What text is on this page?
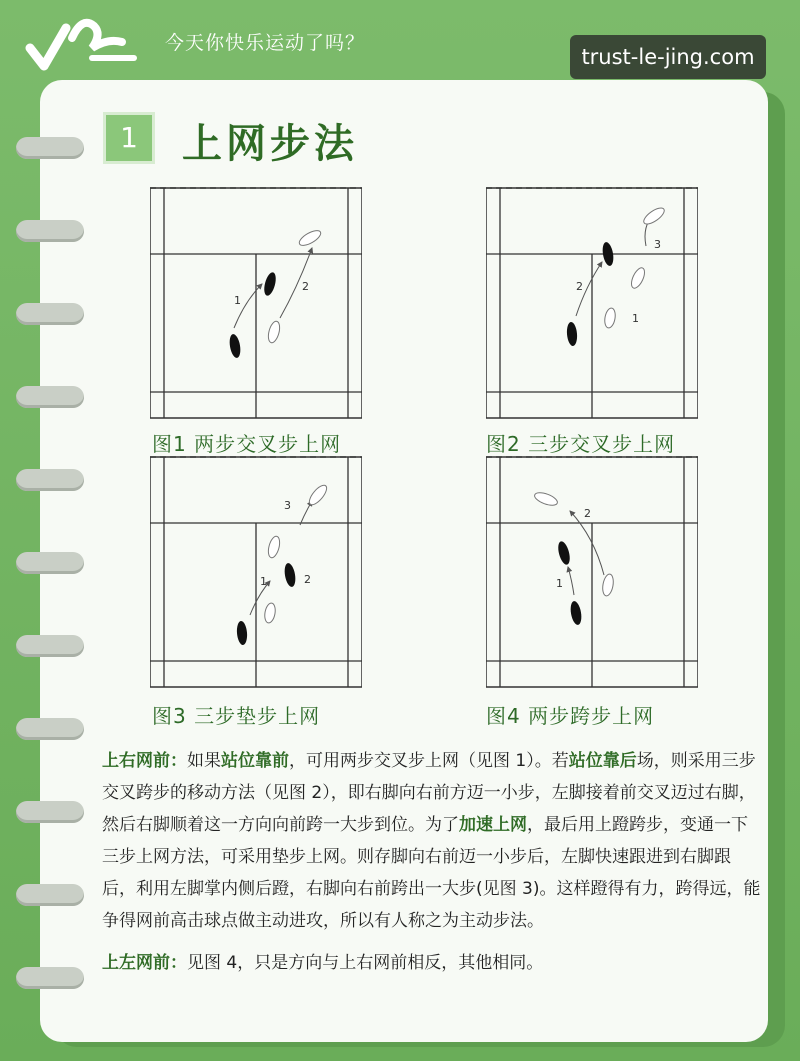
今天你快乐运动了吗？
trust-le-jing.com
1	上网步法
1
2
图1 两步交叉步上网
3
2
1
图2 三步交叉步上网
3
1	2
图3 三步垫步上网
2
1
图4 两步跨步上网

上右网前：如果站位靠前，可用两步交叉步上网（见图 1）。若站位靠后场，则采用三步交叉跨步的移动方法（见图 2），即右脚向右前方迈一小步，左脚接着前交叉迈过右脚，然后右脚顺着这一方向向前跨一大步到位。为了加速上网，最后用上蹬跨步，变通一下三步上网方法，可采用垫步上网。则存脚向右前迈一小步后，左脚快速跟进到右脚跟后，利用左脚掌内侧后蹬，右脚向右前跨出一大步(见图 3)。这样蹬得有力，跨得远，能争得网前高击球点做主动进攻，所以有人称之为主动步法。

上左网前：见图 4，只是方向与上右网前相反，其他相同。
